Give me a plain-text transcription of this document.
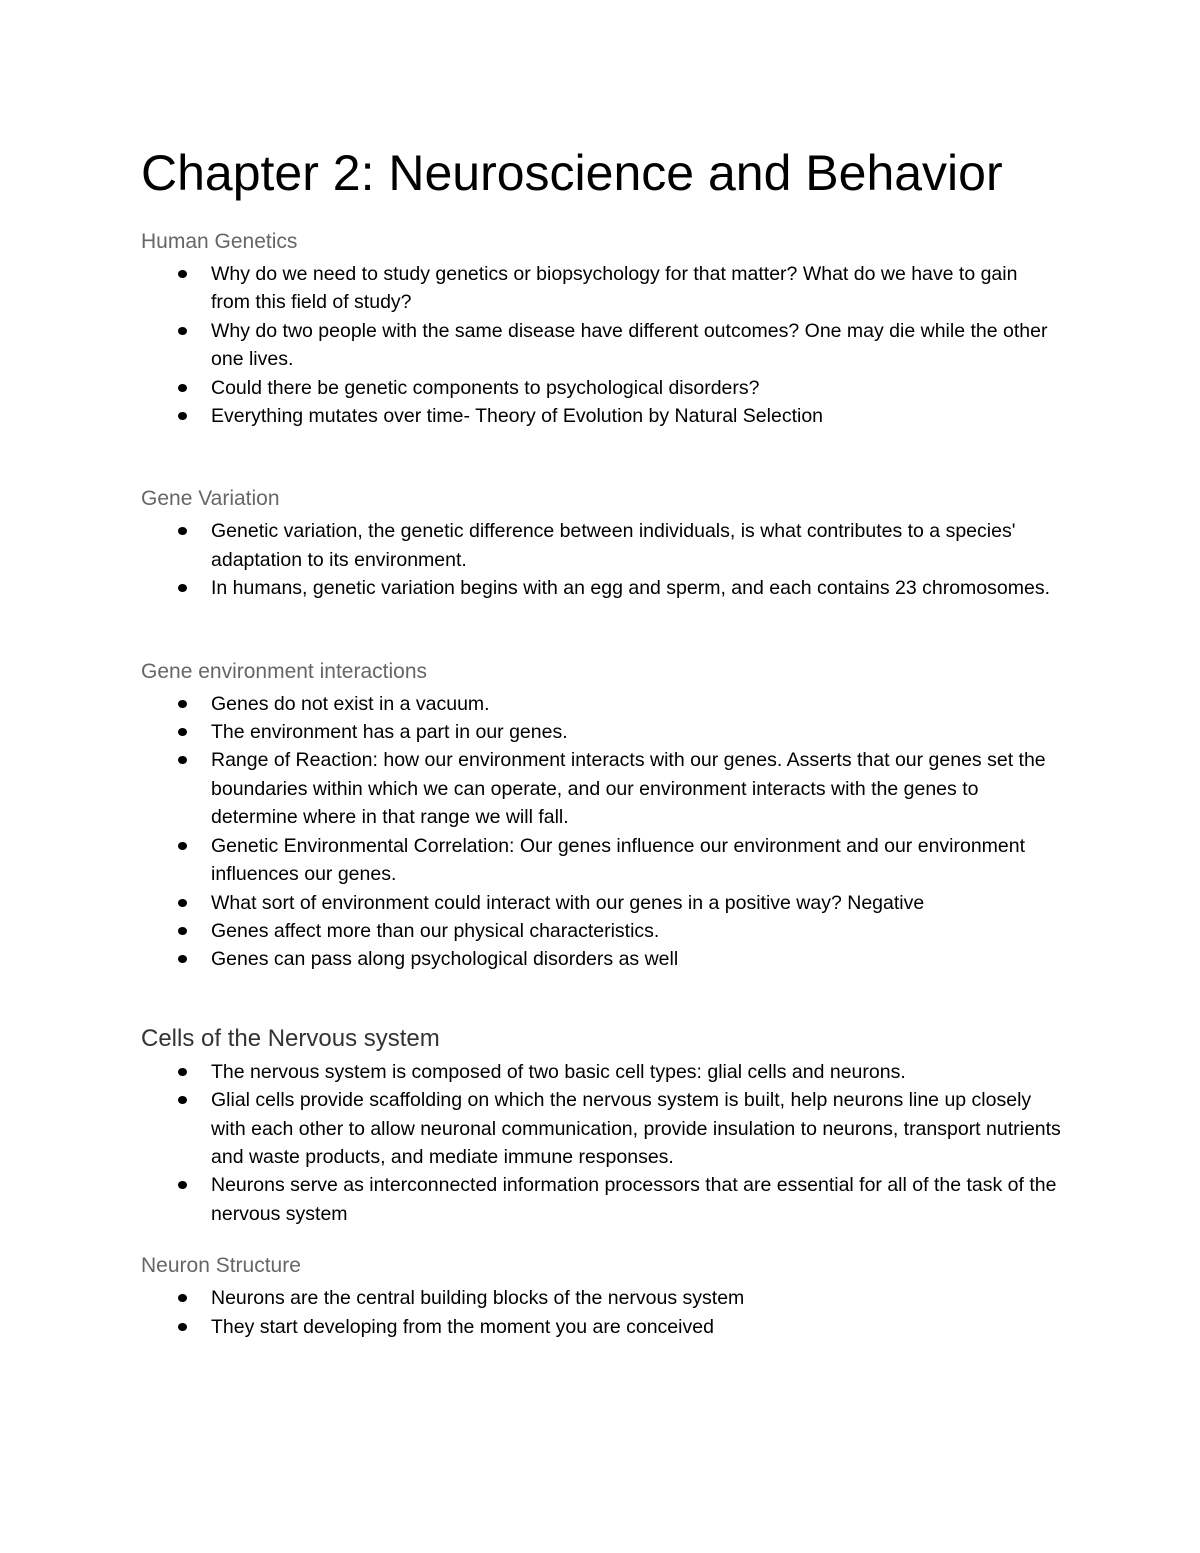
Chapter 2: Neuroscience and Behavior
Human Genetics
Why do we need to study genetics or biopsychology for that matter? What do we have to gain from this field of study?
Why do two people with the same disease have different outcomes? One may die while the other one lives.
Could there be genetic components to psychological disorders?
Everything mutates over time- Theory of Evolution by Natural Selection
Gene Variation
Genetic variation, the genetic difference between individuals, is what contributes to a species' adaptation to its environment.
In humans, genetic variation begins with an egg and sperm, and each contains 23 chromosomes.
Gene environment interactions
Genes do not exist in a vacuum.
The environment has a part in our genes.
Range of Reaction: how our environment interacts with our genes. Asserts that our genes set the boundaries within which we can operate, and our environment interacts with the genes to determine where in that range we will fall.
Genetic Environmental Correlation: Our genes influence our environment and our environment influences our genes.
What sort of environment could interact with our genes in a positive way? Negative
Genes affect more than our physical characteristics.
Genes can pass along psychological disorders as well
Cells of the Nervous system
The nervous system is composed of two basic cell types: glial cells and neurons.
Glial cells provide scaffolding on which the nervous system is built, help neurons line up closely with each other to allow neuronal communication, provide insulation to neurons, transport nutrients and waste products, and mediate immune responses.
Neurons serve as interconnected information processors that are essential for all of the task of the nervous system
Neuron Structure
Neurons are the central building blocks of the nervous system
They start developing from the moment you are conceived
